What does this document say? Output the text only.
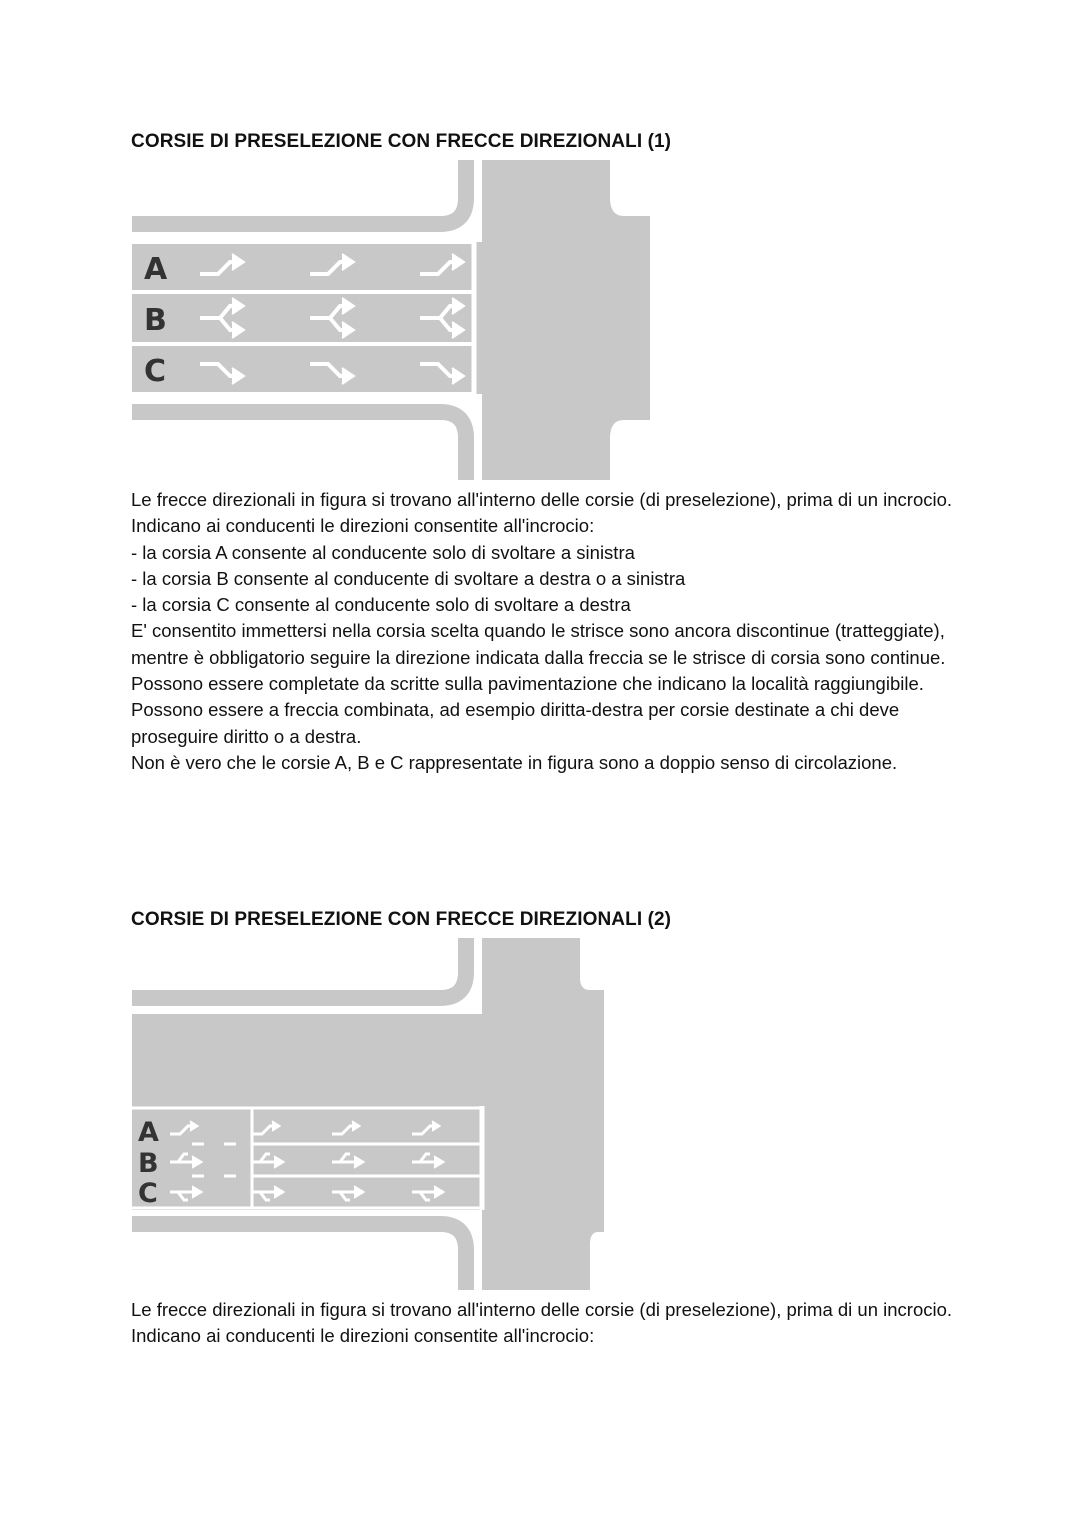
CORSIE DI PRESELEZIONE CON FRECCE DIREZIONALI (1)
A
B
C

Le frecce direzionali in figura si trovano all'interno delle corsie (di preselezione), prima di un incrocio.

Indicano ai conducenti le direzioni consentite all'incrocio:

- la corsia A consente al conducente solo di svoltare a sinistra

- la corsia B consente al conducente di svoltare a destra o a sinistra

- la corsia C consente al conducente solo di svoltare a destra

E' consentito immettersi nella corsia scelta quando le strisce sono ancora discontinue (tratteggiate), mentre è obbligatorio seguire la direzione indicata dalla freccia se le strisce di corsia sono continue.

Possono essere completate da scritte sulla pavimentazione che indicano la località raggiungibile.

Possono essere a freccia combinata, ad esempio diritta-destra per corsie destinate a chi deve proseguire diritto o a destra.

Non è vero che le corsie A, B e C rappresentate in figura sono a doppio senso di circolazione.

CORSIE DI PRESELEZIONE CON FRECCE DIREZIONALI (2)
A
B
C

Le frecce direzionali in figura si trovano all'interno delle corsie (di preselezione), prima di un incrocio.

Indicano ai conducenti le direzioni consentite all'incrocio:
